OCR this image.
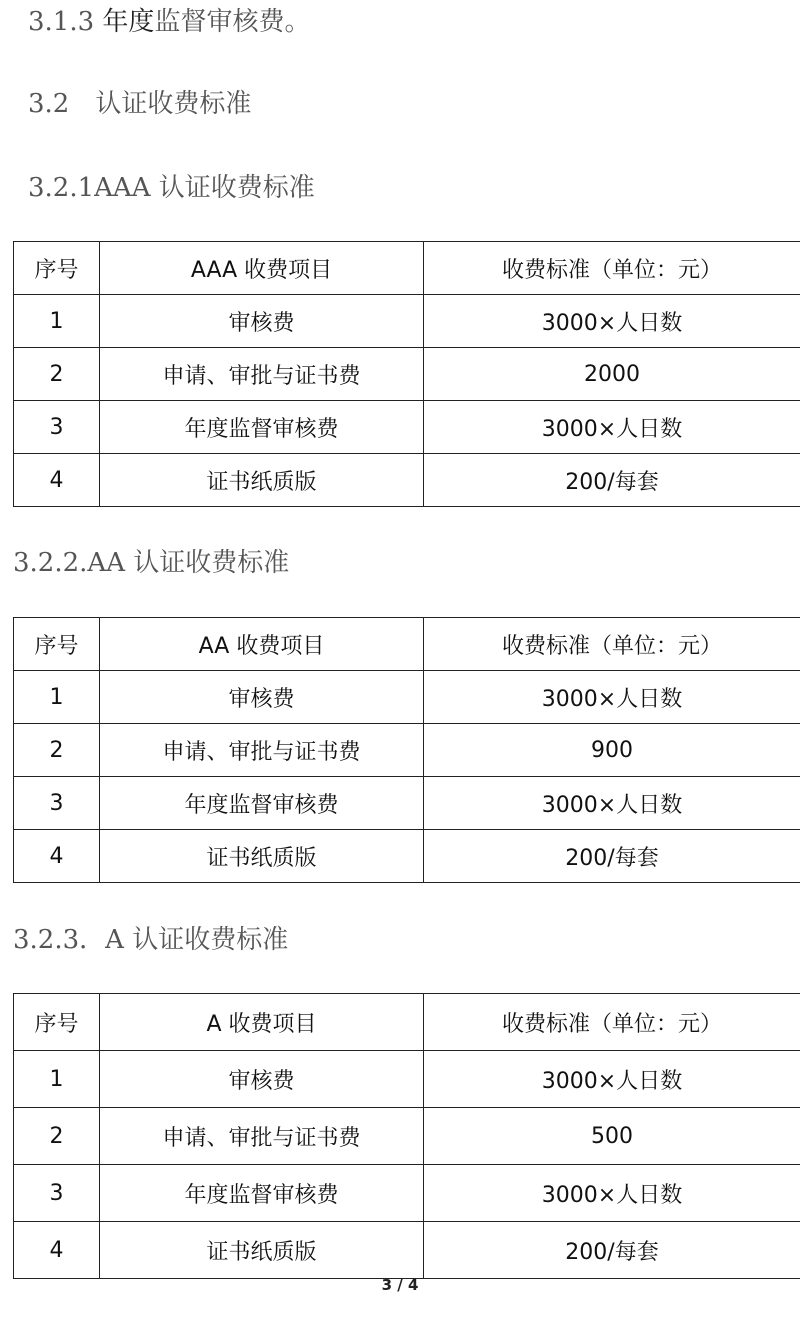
3.1.3 年度监督审核费。
3.2　认证收费标准
3.2.1AAA 认证收费标准
序号	AAA 收费项目	收费标准（单位：元）
1	审核费	3000×人日数
2	申请、审批与证书费	2000
3	年度监督审核费	3000×人日数
4	证书纸质版	200/每套
3.2.2.AA 认证收费标准
序号	AA 收费项目	收费标准（单位：元）
1	审核费	3000×人日数
2	申请、审批与证书费	900
3	年度监督审核费	3000×人日数
4	证书纸质版	200/每套
3.2.3．A 认证收费标准
序号	A 收费项目	收费标准（单位：元）
1	审核费	3000×人日数
2	申请、审批与证书费	500
3	年度监督审核费	3000×人日数
4	证书纸质版	200/每套
3 / 4
